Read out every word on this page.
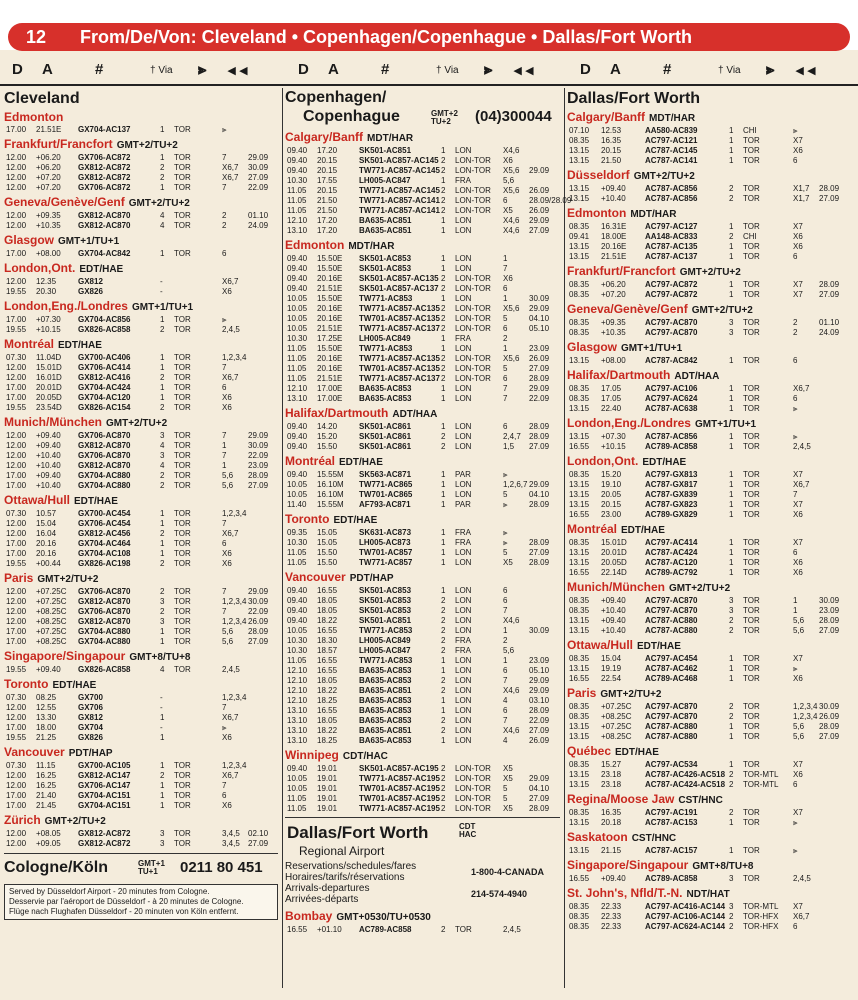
12 From/De/Von: Cleveland • Copenhagen/Copenhague • Dallas/Fort Worth
D A	#	† Via ⫸ ◂ ◂	D A	#	† Via ⫸ ◂ ◂	D A	#	† Via ⫸ ◂ ◂
Cleveland
Edmonton
17.00 21.51E GX704-AC137	1 TOR	⫸
Frankfurt/Francfort GMT+2/TU+2
12.00 +06.20 GX706-AC872	1 TOR	7	29.09
12.00 +06.20 GX812-AC872	2 TOR	X6,7 30.09
12.00 +07.20 GX812-AC872	2 TOR	X6,7 27.09
12.00 +07.20 GX706-AC872	1 TOR	7	22.09
Geneva/Genève/Genf GMT+2/TU+2
12.00 +09.35 GX812-AC870	4 TOR	2	01.10
12.00 +10.35 GX812-AC870	4 TOR	2	24.09
Glasgow GMT+1/TU+1
17.00 +08.00 GX704-AC842	1 TOR	6
London,Ont. EDT/HAE
12.00 12.35	GX812	-	X6,7
19.55 20.30	GX826	-	X6
London,Eng./Londres GMT+1/TU+1
17.00 +07.30 GX704-AC856	1 TOR	⫸
19.55 +10.15 GX826-AC858	2 TOR	2,4,5
Montréal EDT/HAE
07.30 11.04D GX700-AC406	1 TOR	1,2,3,4
12.00 15.01D GX706-AC414	1 TOR	7
12.00 16.01D GX812-AC416	2 TOR	X6,7
17.00 20.01D GX704-AC424	1 TOR	6
17.00 20.05D GX704-AC120	1 TOR	X6
19.55 23.54D GX826-AC154	2 TOR	X6
Munich/München GMT+2/TU+2
12.00 +09.40 GX706-AC870	3 TOR	7	29.09
12.00 +09.40 GX812-AC870	4 TOR	1	30.09
12.00 +10.40 GX706-AC870	3 TOR	7	22.09
12.00 +10.40 GX812-AC870	4 TOR	1	23.09
17.00 +09.40 GX704-AC880	2 TOR	5,6 28.09
17.00 +10.40 GX704-AC880	2 TOR	5,6 27.09
Ottawa/Hull EDT/HAE
07.30 10.57	GX700-AC454	1 TOR	1,2,3,4
12.00 15.04	GX706-AC454	1 TOR	7
12.00 16.04	GX812-AC456	2 TOR	X6,7
17.00 20.16	GX704-AC464	1 TOR	6
17.00 20.16	GX704-AC108	1 TOR	X6
19.55 +00.44 GX826-AC198	2 TOR	X6
Paris GMT+2/TU+2
12.00 +07.25C GX706-AC870	2 TOR	7	29.09
12.00 +07.25C GX812-AC870	3 TOR	1,2,3,4 30.09
12.00 +08.25C GX706-AC870	2 TOR	7	22.09
12.00 +08.25C GX812-AC870	3 TOR	1,2,3,4 26.09
17.00 +07.25C GX704-AC880	1 TOR	5,6 28.09
17.00 +08.25C GX704-AC880	1 TOR	5,6 27.09
Singapore/Singapour GMT+8/TU+8
19.55 +09.40 GX826-AC858	4 TOR	2,4,5
Toronto EDT/HAE
07.30 08.25	GX700	-	1,2,3,4
12.00 12.55	GX706	-	7
12.00 13.30	GX812	1	X6,7
17.00 18.00	GX704	-	⫸
19.55 21.25	GX826	1	X6
Vancouver PDT/HAP
07.30 11.15	GX700-AC105	1 TOR	1,2,3,4
12.00 16.25	GX812-AC147	2 TOR	X6,7
12.00 16.25	GX706-AC147	1 TOR	7
17.00 21.40	GX704-AC151	1 TOR	6
17.00 21.45	GX704-AC151	1 TOR	X6
Zürich GMT+2/TU+2
12.00 +08.05 GX812-AC872	3 TOR	3,4,5 02.10
12.00 +09.05 GX812-AC872	3 TOR	3,4,5 27.09
Cologne/Köln	GMT+1
TU+1	0211 80 451
Served by Düsseldorf Airport - 20 minutes from Cologne.
Desservie par l'aéroport de Düsseldorf - à 20 minutes de Cologne.
Flüge nach Flughafen Düsseldorf - 20 minuten von Köln entfernt.
Copenhagen/
Copenhague	GMT+2
TU+2	(04)300044
Calgary/Banff MDT/HAR
09.40 17.20	SK501-AC851	1 LON	X4,6
09.40 20.15	SK501-AC857-AC145 2 LON-TOR X6
09.40 20.15	TW771-AC857-AC145 2 LON-TOR X5,6 29.09
10.30 17.55	LH005-AC847	1 FRA	5,6
11.05 20.15	TW771-AC857-AC145 2 LON-TOR X5,6 26.09
11.05 21.50	TW771-AC857-AC141 2 LON-TOR 6	28.09/28.09
11.05 21.50	TW771-AC857-AC141 2 LON-TOR X5 26.09
12.10 17.20	BA635-AC851	1 LON	X4,6 29.09
13.10 17.20	BA635-AC851	1 LON	X4,6 27.09
Edmonton MDT/HAR
09.40 15.50E SK501-AC853	1 LON	1
09.40 15.50E SK501-AC853	1 LON	7
09.40 20.16E SK501-AC857-AC135 2 LON-TOR X6
09.40 21.51E SK501-AC857-AC137 2 LON-TOR 6
10.05 15.50E TW771-AC853	1 LON	1	30.09
10.05 20.16E TW771-AC857-AC135 2 LON-TOR X5,6 29.09
10.05 20.16E TW701-AC857-AC135 2 LON-TOR 5	04.10
10.05 21.51E TW771-AC857-AC137 2 LON-TOR 6	05.10
10.30 17.25E LH005-AC849	1 FRA	2
11.05 15.50E TW771-AC853	1 LON	1	23.09
11.05 20.16E TW771-AC857-AC135 2 LON-TOR X5,6 26.09
11.05 20.16E TW701-AC857-AC135 2 LON-TOR 5	27.09
11.05 21.51E TW771-AC857-AC137 2 LON-TOR 6	28.09
12.10 17.00E BA635-AC853	1 LON	7	29.09
13.10 17.00E BA635-AC853	1 LON	7	22.09
Halifax/Dartmouth ADT/HAA
09.40 14.20	SK501-AC861	1 LON	6	28.09
09.40 15.20	SK501-AC861	2 LON	2,4,7 28.09
09.40 15.50	SK501-AC861	2 LON	1,5 27.09
Montréal EDT/HAE
09.40 15.55M SK563-AC871	1 PAR	⫸
10.05 16.10M TW771-AC865	1 LON	1,2,6,7 29.09
10.05 16.10M TW701-AC865	1 LON	5	04.10
11.40 15.55M AF793-AC871	1 PAR	⫸	28.09
Toronto EDT/HAE
09.35 15.05	SK631-AC873	1 FRA	⫸
10.30 15.05	LH005-AC873	1 FRA	⫸	28.09
11.05 15.50	TW701-AC857	1 LON	5	27.09
11.05 15.50	TW771-AC857	1 LON	X5 28.09
Vancouver PDT/HAP
09.40 16.55	SK501-AC853	1 LON	6
09.40 18.05	SK501-AC853	2 LON	6
09.40 18.05	SK501-AC853	2 LON	7
09.40 18.22	SK501-AC851	2 LON	X4,6
10.05 16.55	TW771-AC853	2 LON	1	30.09
10.30 18.30	LH005-AC849	2 FRA	2
10.30 18.57	LH005-AC847	2 FRA	5,6
11.05 16.55	TW771-AC853	1 LON	1	23.09
12.10 16.55	BA635-AC853	1 LON	6	05.10
12.10 18.05	BA635-AC853	2 LON	7	29.09
12.10 18.22	BA635-AC851	2 LON	X4,6 29.09
12.10 18.25	BA635-AC853	1 LON	4	03.10
13.10 16.55	BA635-AC853	1 LON	6	28.09
13.10 18.05	BA635-AC853	2 LON	7	22.09
13.10 18.22	BA635-AC851	2 LON	X4,6 27.09
13.10 18.25	BA635-AC853	1 LON	4	26.09
Winnipeg CDT/HAC
09.40 19.01	SK501-AC857-AC195 2 LON-TOR X5
10.05 19.01	TW771-AC857-AC195 2 LON-TOR X5 29.09
10.05 19.01	TW701-AC857-AC195 2 LON-TOR 5	04.10
11.05 19.01	TW701-AC857-AC195 2 LON-TOR 5	27.09
11.05 19.01	TW771-AC857-AC195 2 LON-TOR X5 28.09
Dallas/Fort Worth	CDT
HAC
Regional Airport
Reservations/schedules/fares
Horaires/tarifs/réservations
Arrivals-departures
Arrivées-départs
1-800-4-CANADA
214-574-4940
Bombay GMT+0530/TU+0530
16.55 +01.10 AC789-AC858	2 TOR	2,4,5
Dallas/Fort Worth
Calgary/Banff MDT/HAR
07.10 12.53	AA580-AC839	1 CHI	⫸
08.35 16.35	AC797-AC121	1 TOR	X7
13.15 20.15	AC787-AC145	1 TOR	X6
13.15 21.50	AC787-AC141	1 TOR	6
Düsseldorf GMT+2/TU+2
13.15 +09.40 AC787-AC856	2 TOR	X1,7 28.09
13.15 +10.40 AC787-AC856	2 TOR	X1,7 27.09
Edmonton MDT/HAR
08.35 16.31E AC797-AC127	1 TOR	X7
09.41 18.00E AA148-AC833	2 CHI	X6
13.15 20.16E AC787-AC135	1 TOR	X6
13.15 21.51E AC787-AC137	1 TOR	6
Frankfurt/Francfort GMT+2/TU+2
08.35 +06.20 AC797-AC872	1 TOR	X7 28.09
08.35 +07.20 AC797-AC872	1 TOR	X7 27.09
Geneva/Genève/Genf GMT+2/TU+2
08.35 +09.35 AC797-AC870	3 TOR	2	01.10
08.35 +10.35 AC797-AC870	3 TOR	2	24.09
Glasgow GMT+1/TU+1
13.15 +08.00 AC787-AC842	1 TOR	6
Halifax/Dartmouth ADT/HAA
08.35 17.05	AC797-AC106	1 TOR	X6,7
08.35 17.05	AC797-AC624	1 TOR	6
13.15 22.40	AC787-AC638	1 TOR	⫸
London,Eng./Londres GMT+1/TU+1
13.15 +07.30 AC787-AC856	1 TOR	⫸
16.55 +10.15 AC789-AC858	1 TOR	2,4,5
London,Ont. EDT/HAE
08.35 15.20	AC797-GX813	1 TOR	X7
13.15 19.10	AC787-GX817	1 TOR	X6,7
13.15 20.05	AC787-GX839	1 TOR	7
13.15 20.15	AC787-GX823	1 TOR	X7
16.55 23.00	AC789-GX829	1 TOR	X6
Montréal EDT/HAE
08.35 15.01D AC797-AC414	1 TOR	X7
13.15 20.01D AC787-AC424	1 TOR	6
13.15 20.05D AC787-AC120	1 TOR	X6
16.55 22.14D AC789-AC792	1 TOR	X6
Munich/München GMT+2/TU+2
08.35 +09.40 AC797-AC870	3 TOR	1	30.09
08.35 +10.40 AC797-AC870	3 TOR	1	23.09
13.15 +09.40 AC787-AC880	2 TOR	5,6 28.09
13.15 +10.40 AC787-AC880	2 TOR	5,6 27.09
Ottawa/Hull EDT/HAE
08.35 15.04	AC797-AC454	1 TOR	X7
13.15 19.19	AC787-AC462	1 TOR	⫸
16.55 22.54	AC789-AC468	1 TOR	X6
Paris GMT+2/TU+2
08.35 +07.25C AC797-AC870	2 TOR	1,2,3,4 30.09
08.35 +08.25C AC797-AC870	2 TOR	1,2,3,4 26.09
13.15 +07.25C AC787-AC880	1 TOR	5,6 28.09
13.15 +08.25C AC787-AC880	1 TOR	5,6 27.09
Québec EDT/HAE
08.35 15.27	AC797-AC534	1 TOR	X7
13.15 23.18	AC787-AC426-AC518 2 TOR-MTL X6
13.15 23.18	AC787-AC424-AC518 2 TOR-MTL 6
Regina/Moose Jaw CST/HNC
08.35 16.35	AC797-AC191	2 TOR	X7
13.15 20.18	AC787-AC153	1 TOR	⫸
Saskatoon CST/HNC
13.15 21.15	AC787-AC157	1 TOR	⫸
Singapore/Singapour GMT+8/TU+8
16.55 +09.40 AC789-AC858	3 TOR	2,4,5
St. John's, Nfld/T.-N. NDT/HAT
08.35 22.33	AC797-AC416-AC144 3 TOR-MTL X7
08.35 22.33	AC797-AC106-AC144 2 TOR-HFX X6,7
08.35 22.33	AC797-AC624-AC144 2 TOR-HFX 6
